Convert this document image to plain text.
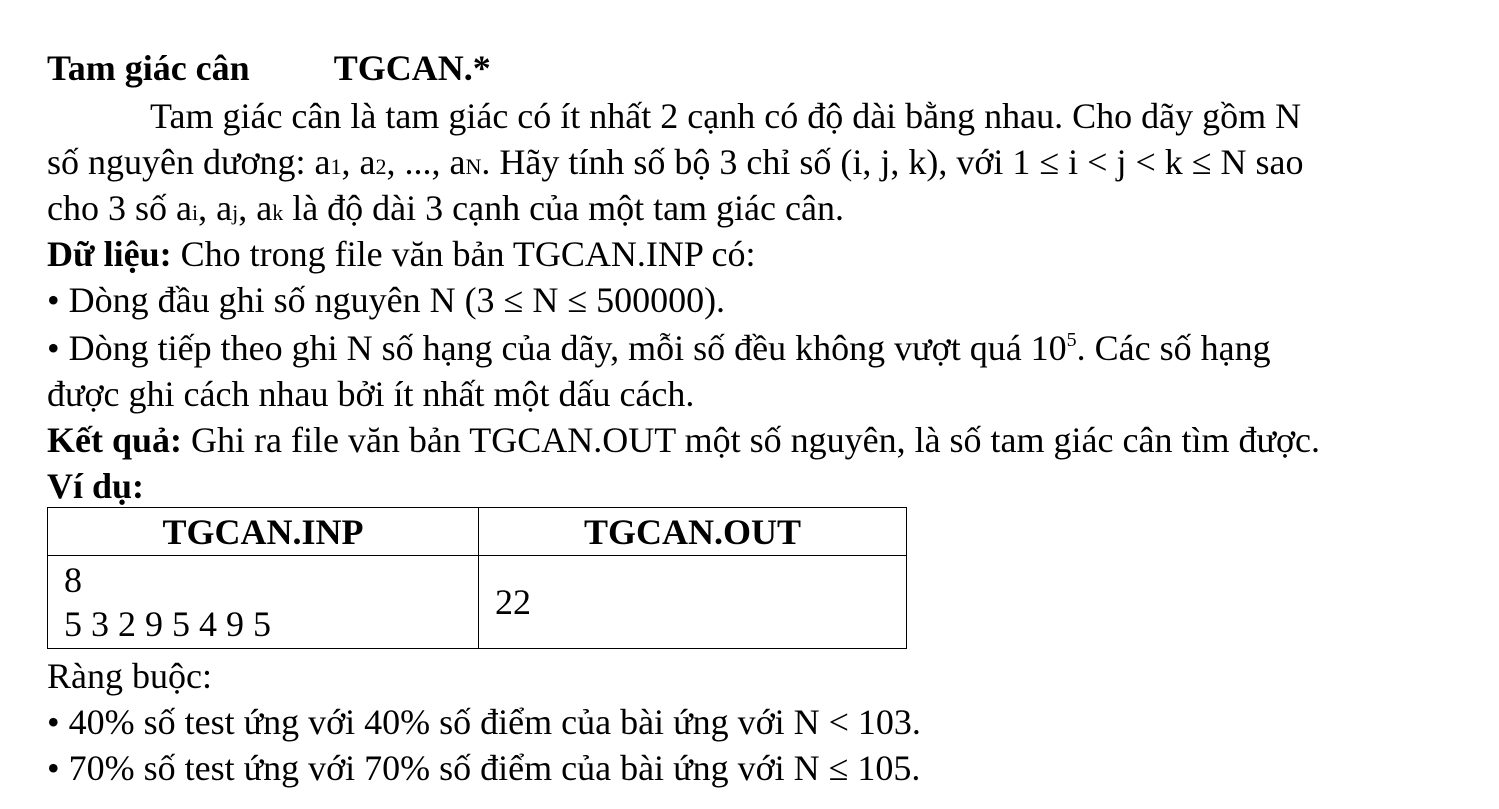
Tam giác cân TGCAN.*
Tam giác cân là tam giác có ít nhất 2 cạnh có độ dài bằng nhau. Cho dãy gồm N
số nguyên dương: a1, a2, ..., aN. Hãy tính số bộ 3 chỉ số (i, j, k), với 1 ≤ i < j < k ≤ N sao
cho 3 số ai, aj, ak là độ dài 3 cạnh của một tam giác cân.
Dữ liệu: Cho trong file văn bản TGCAN.INP có:
• Dòng đầu ghi số nguyên N (3 ≤ N ≤ 500000).
• Dòng tiếp theo ghi N số hạng của dãy, mỗi số đều không vượt quá $10^5$. Các số hạng
được ghi cách nhau bởi ít nhất một dấu cách.
Kết quả: Ghi ra file văn bản TGCAN.OUT một số nguyên, là số tam giác cân tìm được.
Ví dụ:
TGCAN.INP	TGCAN.OUT

8
5 3 2 9 5 4 9 5	22
Ràng buộc:
• 40% số test ứng với 40% số điểm của bài ứng với N < 103.
• 70% số test ứng với 70% số điểm của bài ứng với N ≤ 105.
